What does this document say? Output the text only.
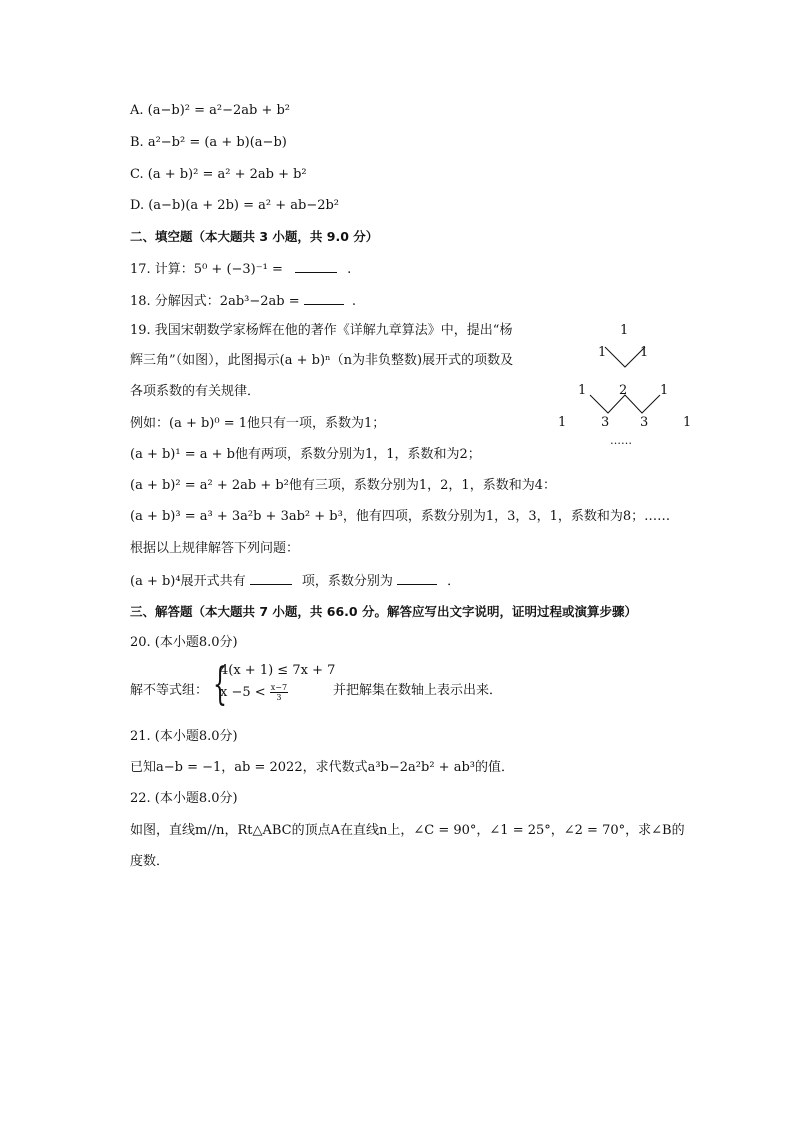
A. (a−b)² = a²−2ab + b²
B. a²−b² = (a + b)(a−b)
C. (a + b)² = a² + 2ab + b²
D. (a−b)(a + 2b) = a² + ab−2b²
二、填空题（本大题共 3 小题，共 9.0 分）
17. 计算：5⁰ + (−3)⁻¹ =	.
18. 分解因式：2ab³−2ab =	.
19. 我国宋朝数学家杨辉在他的著作《详解九章算法》中，提出“杨
辉三角”（如图），此图揭示(a + b)ⁿ（n为非负整数)展开式的项数及
各项系数的有关规律．
例如：(a + b)⁰ = 1他只有一项，系数为1；
(a + b)¹ = a + b他有两项，系数分别为1，1，系数和为2；
(a + b)² = a² + 2ab + b²他有三项，系数分别为1，2，1，系数和为4：
(a + b)³ = a³ + 3a²b + 3ab² + b³，他有四项，系数分别为1，3，3，1，系数和为8；……
根据以上规律解答下列问题：
(a + b)⁴展开式共有	项，系数分别为	．
1
1	1
1	2	1
1	3 3	1
……
三、解答题（本大题共 7 小题，共 66.0 分。解答应写出文字说明，证明过程或演算步骤）
20. (本小题8.0分)
解不等式组： {
4(x + 1) ≤ 7x + 7
$x -5 < \frac{x-7}{3}$	并把解集在数轴上表示出来．
21. (本小题8.0分)
已知a−b = −1，ab = 2022，求代数式a³b−2a²b² + ab³的值．
22. (本小题8.0分)
如图，直线m//n，Rt△ABC的顶点A在直线n上，∠C = 90°，∠1 = 25°，∠2 = 70°，求∠B的
度数．
